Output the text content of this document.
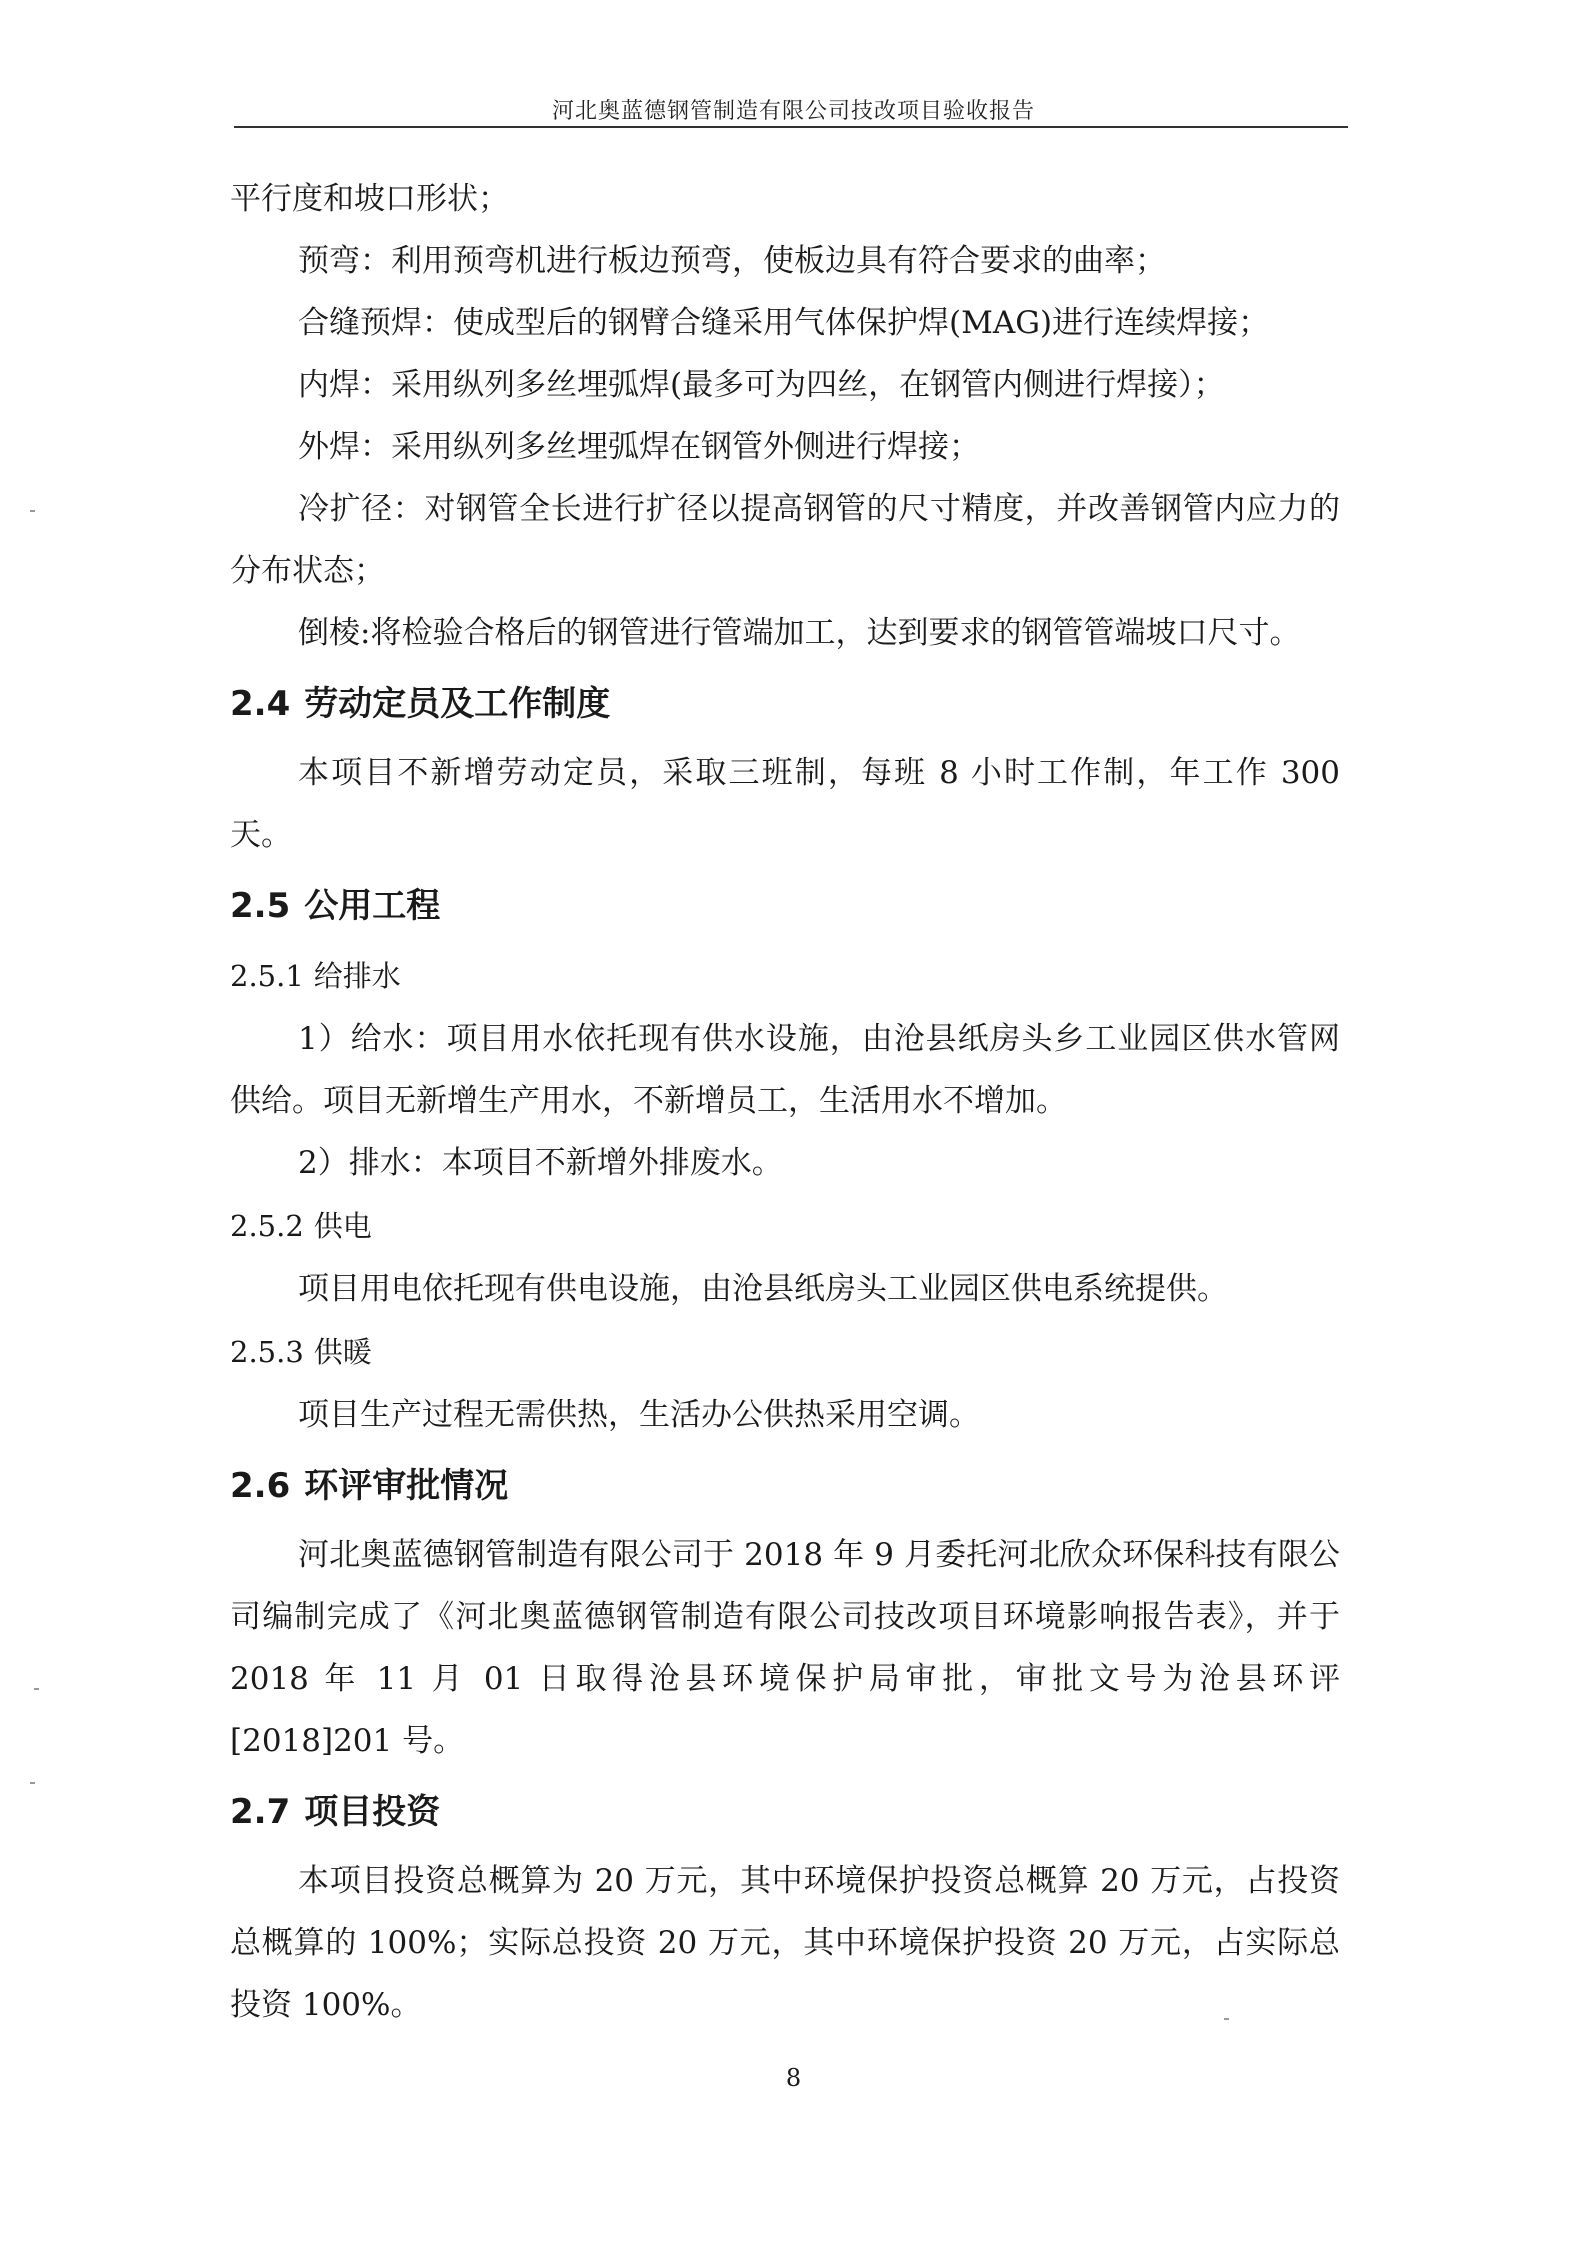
河北奥蓝德钢管制造有限公司技改项目验收报告

平行度和坡口形状；

预弯：利用预弯机进行板边预弯，使板边具有符合要求的曲率；

合缝预焊：使成型后的钢臂合缝采用气体保护焊(MAG)进行连续焊接；

内焊：采用纵列多丝埋弧焊(最多可为四丝，在钢管内侧进行焊接）；

外焊：采用纵列多丝埋弧焊在钢管外侧进行焊接；

冷扩径：对钢管全长进行扩径以提高钢管的尺寸精度，并改善钢管内应力的分布状态；

倒棱:将检验合格后的钢管进行管端加工，达到要求的钢管管端坡口尺寸。

2.4 劳动定员及工作制度

本项目不新增劳动定员，采取三班制，每班 8 小时工作制，年工作 300 天。

2.5 公用工程
2.5.1 给排水

1）给水：项目用水依托现有供水设施，由沧县纸房头乡工业园区供水管网供给。项目无新增生产用水，不新增员工，生活用水不增加。

2）排水：本项目不新增外排废水。

2.5.2 供电

项目用电依托现有供电设施，由沧县纸房头工业园区供电系统提供。

2.5.3 供暖

项目生产过程无需供热，生活办公供热采用空调。

2.6 环评审批情况

河北奥蓝德钢管制造有限公司于 2018 年 9 月委托河北欣众环保科技有限公司编制完成了《河北奥蓝德钢管制造有限公司技改项目环境影响报告表》，并于 2018 年 11 月 01 日取得沧县环境保护局审批，审批文号为沧县环评[2018]201 号。

2.7 项目投资

本项目投资总概算为 20 万元，其中环境保护投资总概算 20 万元，占投资总概算的 100%；实际总投资 20 万元，其中环境保护投资 20 万元，占实际总投资 100%。

8
